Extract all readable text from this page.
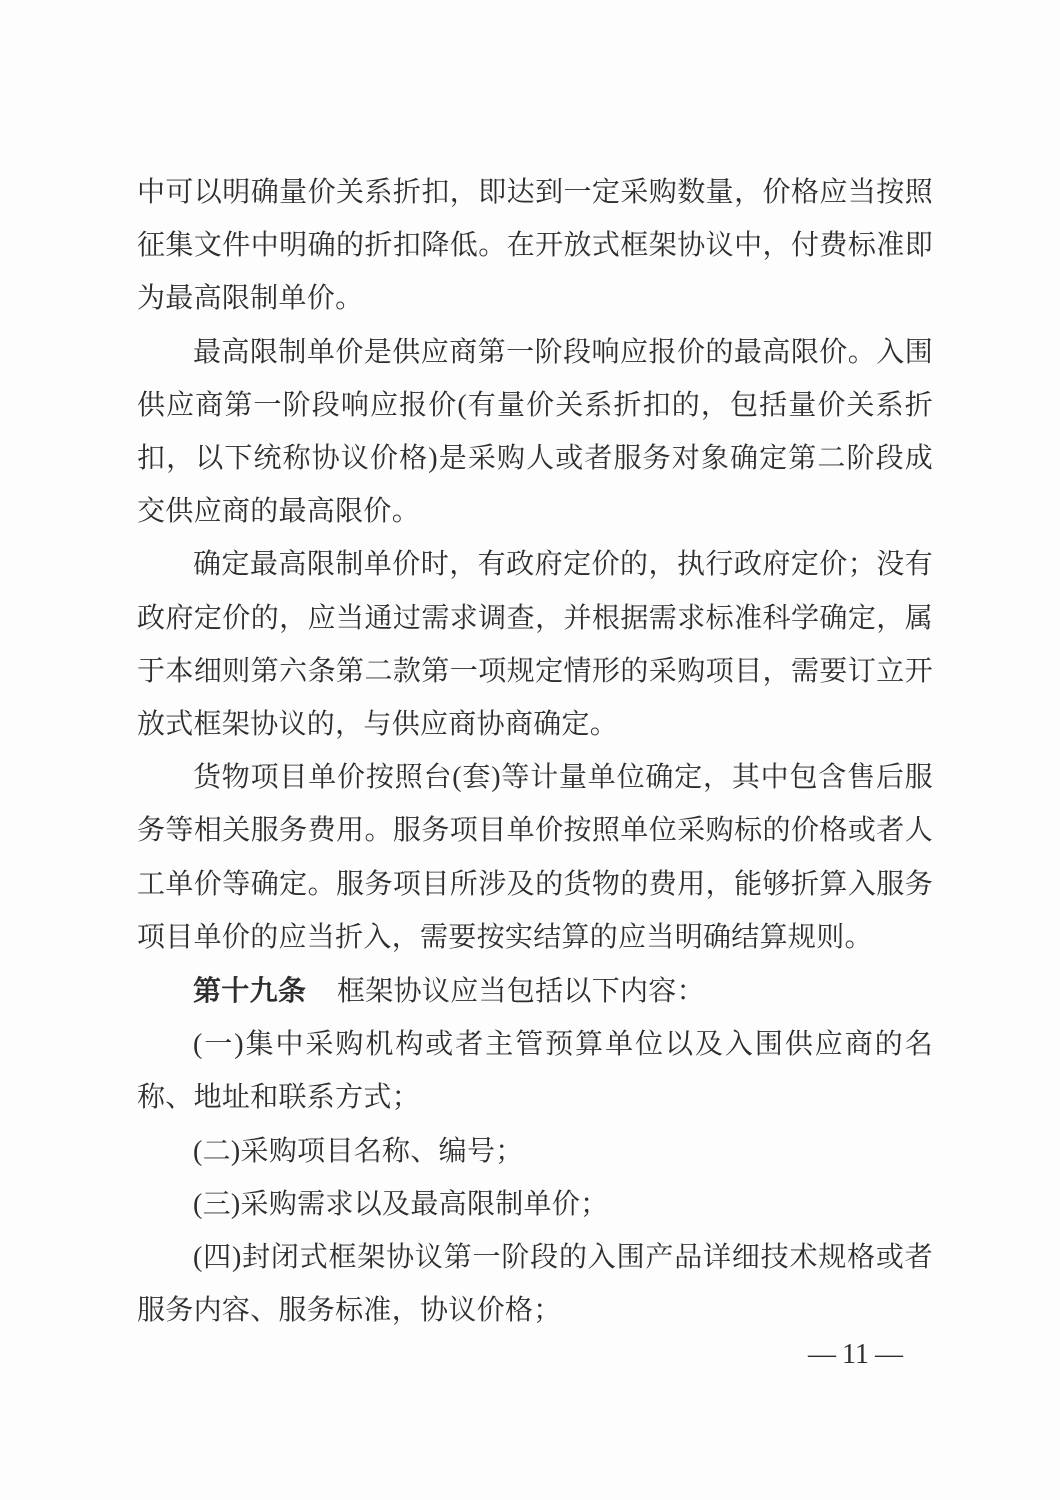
中可以明确量价关系折扣，即达到一定采购数量，价格应当按照征集文件中明确的折扣降低。在开放式框架协议中，付费标准即为最高限制单价。

最高限制单价是供应商第一阶段响应报价的最高限价。入围供应商第一阶段响应报价(有量价关系折扣的，包括量价关系折扣，以下统称协议价格)是采购人或者服务对象确定第二阶段成交供应商的最高限价。

确定最高限制单价时，有政府定价的，执行政府定价；没有政府定价的，应当通过需求调查，并根据需求标准科学确定，属于本细则第六条第二款第一项规定情形的采购项目，需要订立开放式框架协议的，与供应商协商确定。

货物项目单价按照台(套)等计量单位确定，其中包含售后服务等相关服务费用。服务项目单价按照单位采购标的价格或者人工单价等确定。服务项目所涉及的货物的费用，能够折算入服务项目单价的应当折入，需要按实结算的应当明确结算规则。

第十九条 框架协议应当包括以下内容：

(一)集中采购机构或者主管预算单位以及入围供应商的名称、地址和联系方式；

(二)采购项目名称、编号；

(三)采购需求以及最高限制单价；

(四)封闭式框架协议第一阶段的入围产品详细技术规格或者服务内容、服务标准，协议价格；

— 11 —
